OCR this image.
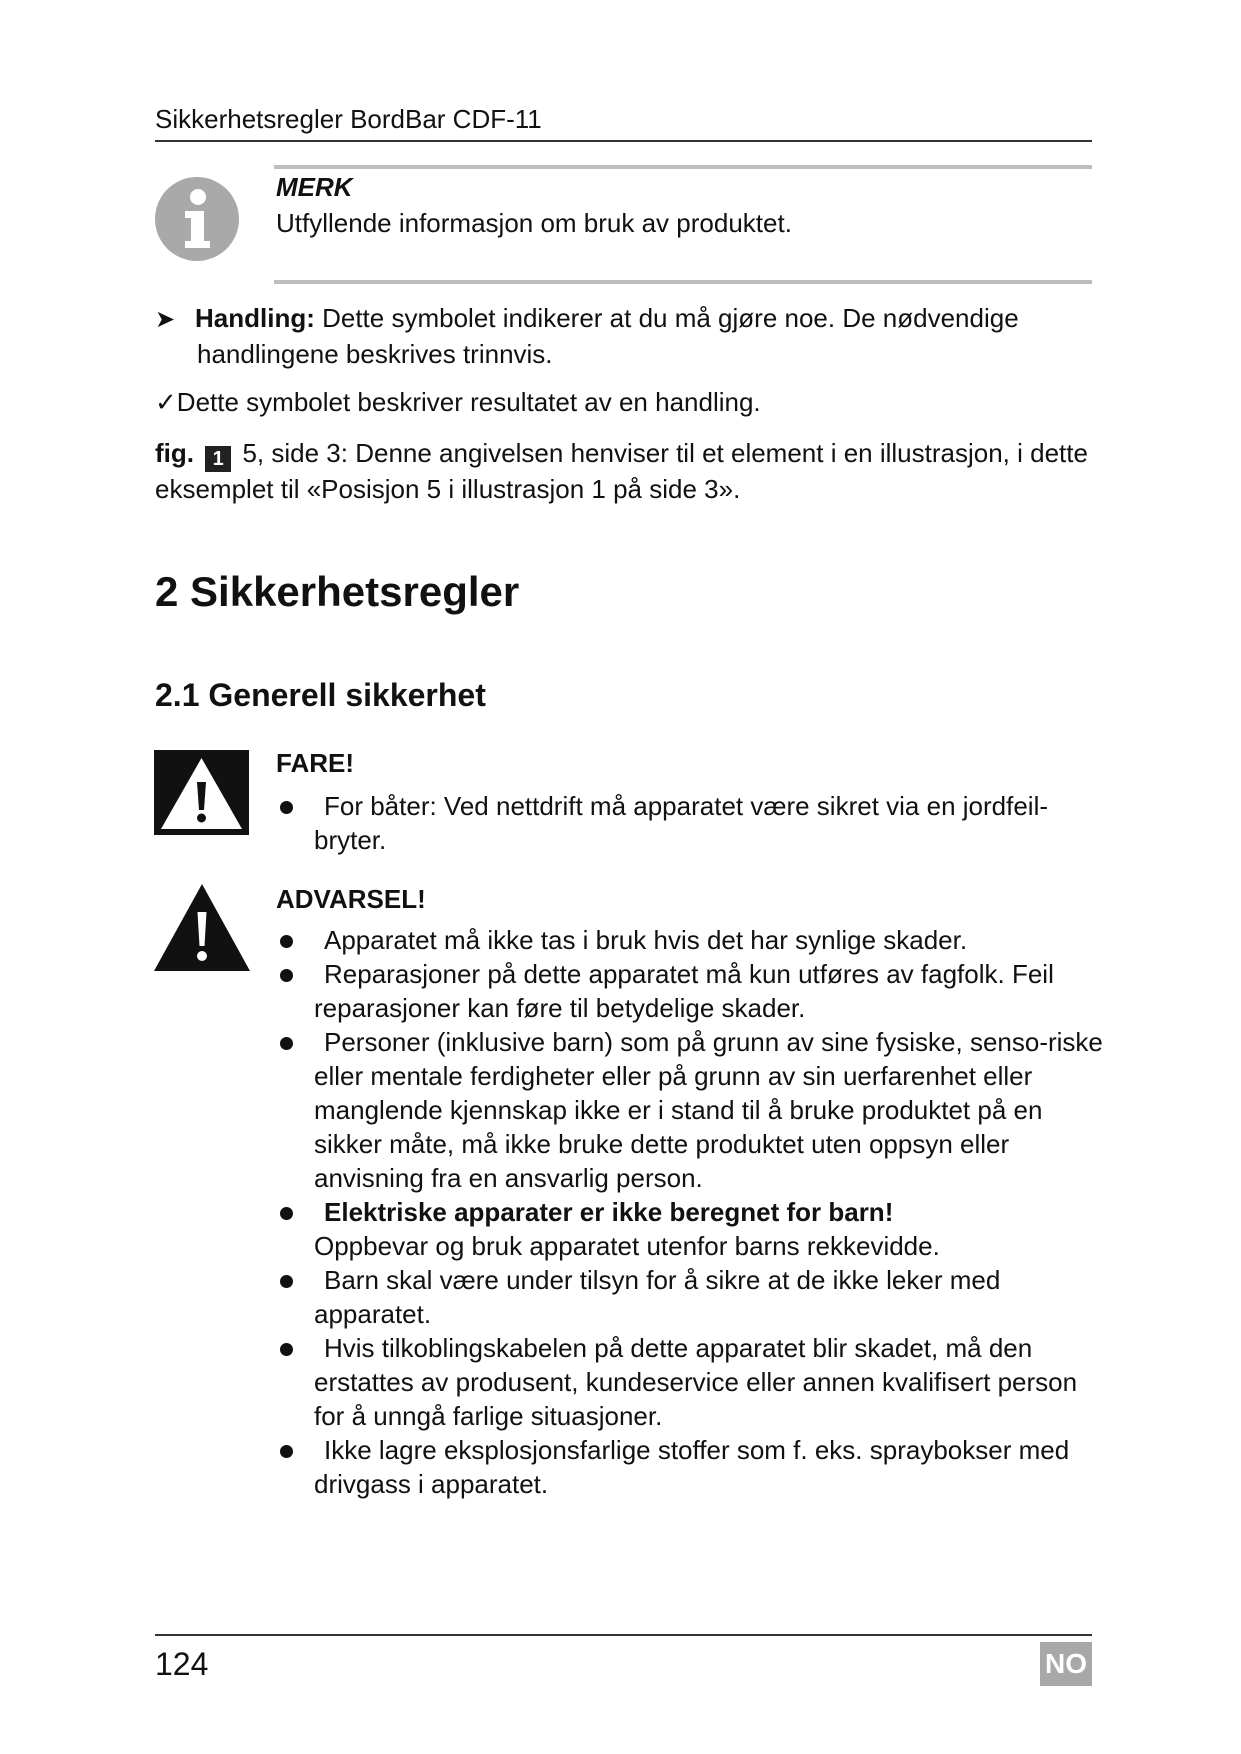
Sikkerhetsregler BordBar CDF-11
MERK
Utfyllende informasjon om bruk av produktet.
➤ Handling: Dette symbolet indikerer at du må gjøre noe. De nødvendige
handlingene beskrives trinnvis.
✓Dette symbolet beskriver resultatet av en handling.
fig. 1 5, side 3: Denne angivelsen henviser til et element i en illustrasjon, i dette eksemplet til «Posisjon 5 i illustrasjon 1 på side 3».
2 Sikkerhetsregler
2.1 Generell sikkerhet
FARE!
For båter: Ved nettdrift må apparatet være sikret via en jordfeil-bryter.
ADVARSEL!
Apparatet må ikke tas i bruk hvis det har synlige skader.
Reparasjoner på dette apparatet må kun utføres av fagfolk. Feil reparasjoner kan føre til betydelige skader.
Personer (inklusive barn) som på grunn av sine fysiske, senso-riske eller mentale ferdigheter eller på grunn av sin uerfarenhet eller manglende kjennskap ikke er i stand til å bruke produktet på en sikker måte, må ikke bruke dette produktet uten oppsyn eller anvisning fra en ansvarlig person.
Elektriske apparater er ikke beregnet for barn!
Oppbevar og bruk apparatet utenfor barns rekkevidde.
Barn skal være under tilsyn for å sikre at de ikke leker med apparatet.
Hvis tilkoblingskabelen på dette apparatet blir skadet, må den erstattes av produsent, kundeservice eller annen kvalifisert person for å unngå farlige situasjoner.
Ikke lagre eksplosjonsfarlige stoffer som f. eks. spraybokser med drivgass i apparatet.
124	NO
